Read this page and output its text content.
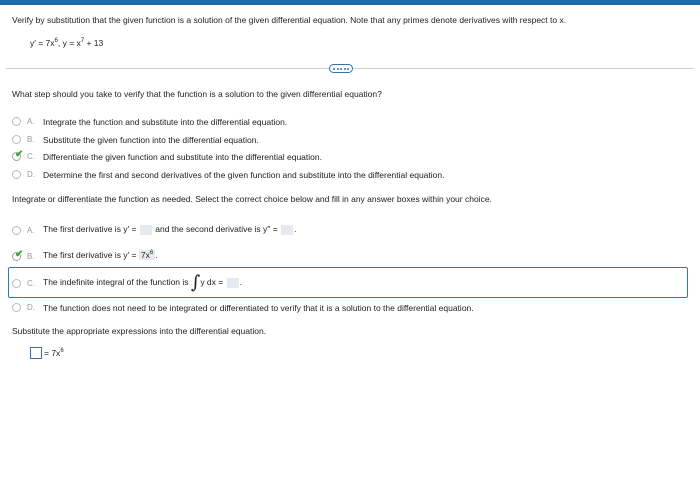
Verify by substitution that the given function is a solution of the given differential equation. Note that any primes denote derivatives with respect to x.
$y' = 7x^6$, $y = x^7 + 13$
What step should you take to verify that the function is a solution to the given differential equation?
A. Integrate the function and substitute into the differential equation.
B. Substitute the given function into the differential equation.
✔ C. Differentiate the given function and substitute into the differential equation.
D. Determine the first and second derivatives of the given function and substitute into the differential equation.
Integrate or differentiate the function as needed. Select the correct choice below and fill in any answer boxes within your choice.
A. The first derivative is y′ = and the second derivative is y′′ = .
✔ B. The first derivative is $y' = 7x^6$ .
C. The indefinite integral of the function is ∫y dx = .
D. The function does not need to be integrated or differentiated to verify that it is a solution to the differential equation.
Substitute the appropriate expressions into the differential equation.
= $7x^6$
